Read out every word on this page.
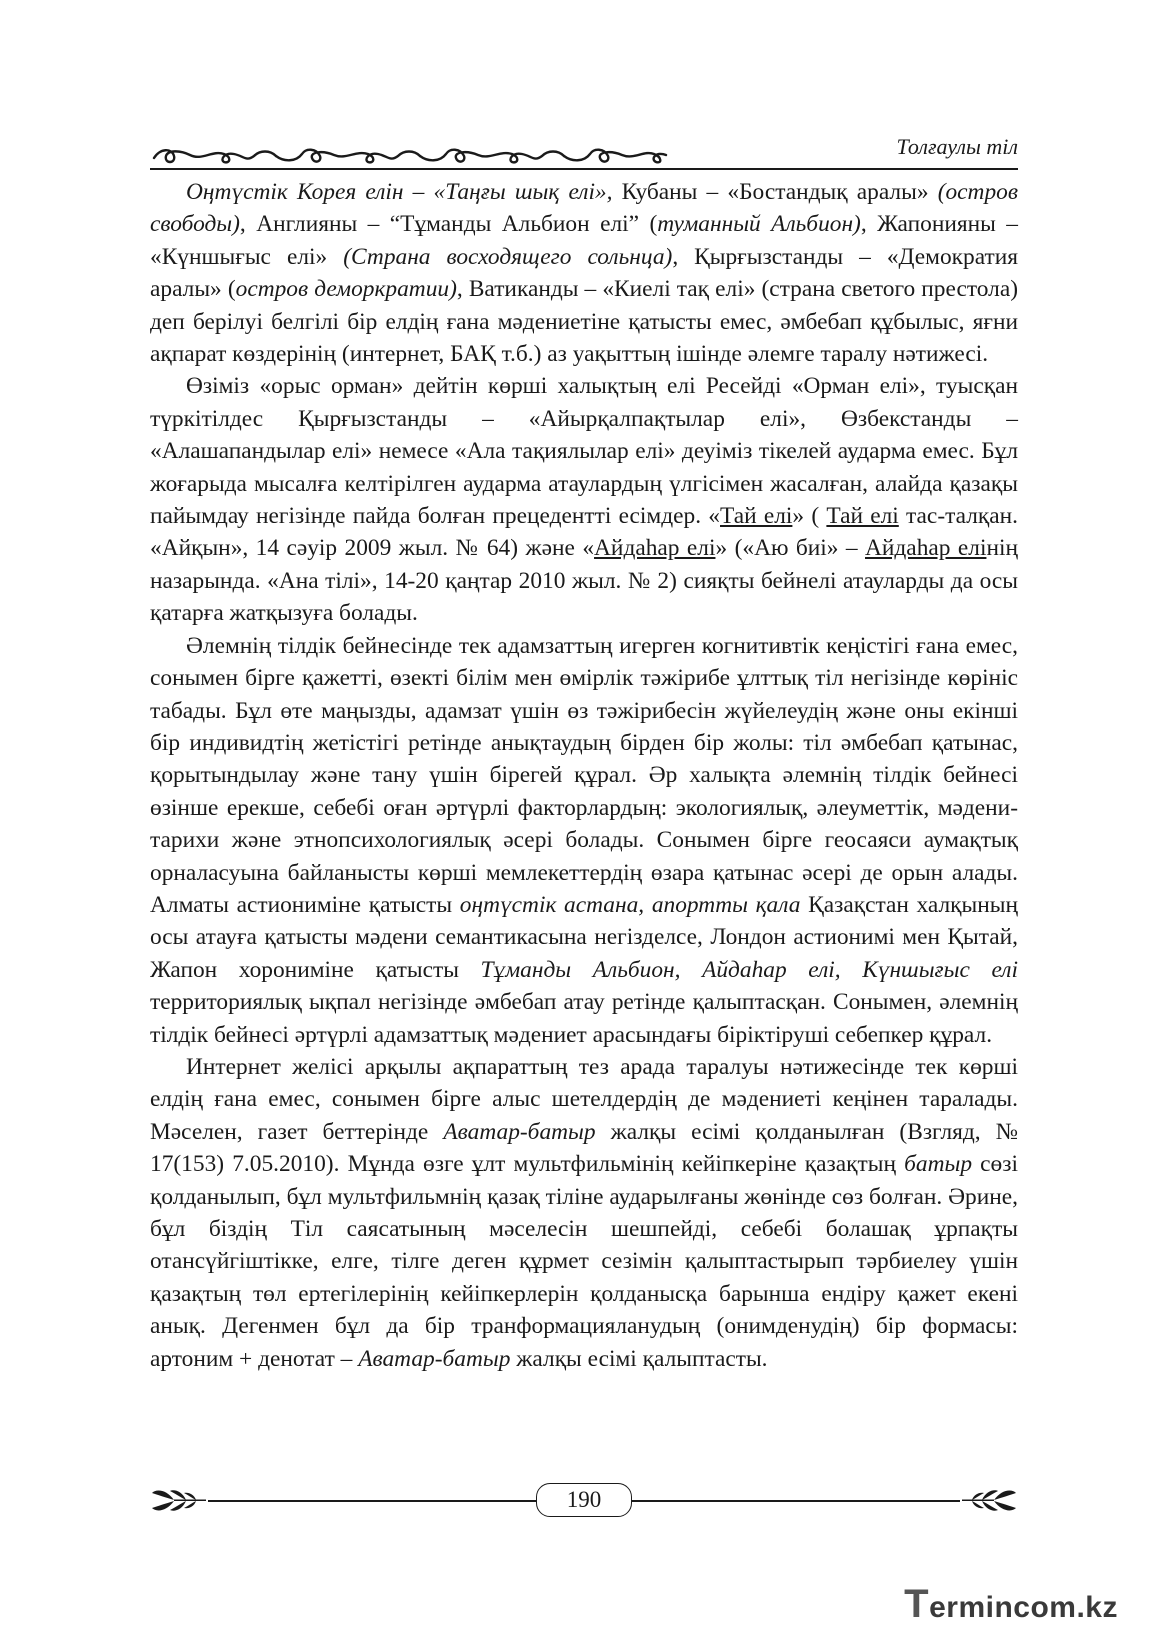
Толғаулы тіл

Оңтүстік Корея елін – «Таңғы шық елі», Кубаны – «Бостандық аралы» (остров свободы), Англияны – “Тұманды Альбион елі” (туманный Альбион), Жапонияны – «Күншығыс елі» (Страна восходящего сольнца), Қырғызстанды – «Демократия аралы» (остров деморкратии), Ватиканды – «Киелі тақ елі» (страна светого престола) деп берілуі белгілі бір елдің ғана мәдениетіне қатысты емес, әмбебап құбылыс, яғни ақпарат көздерінің (интернет, БАҚ т.б.) аз уақыттың ішінде әлемге таралу нәтижесі.

Өзіміз «орыс орман» дейтін көрші халықтың елі Ресейді «Орман елі», туысқан түркітілдес Қырғызстанды – «Айырқалпақтылар елі», Өзбекстанды – «Алашапандылар елі» немесе «Ала тақиялылар елі» деуіміз тікелей аударма емес. Бұл жоғарыда мысалға келтірілген аударма атаулардың үлгісімен жасалған, алайда қазақы пайымдау негізінде пайда болған прецедентті есімдер. «Тай елі» ( Тай елі тас-талқан. «Айқын», 14 сәуір 2009 жыл. № 64) және «Айдаһар елі» («Аю биі» – Айдаһар елінің назарында. «Ана тілі», 14-20 қаңтар 2010 жыл. № 2) сияқты бейнелі атауларды да осы қатарға жатқызуға болады.

Әлемнің тілдік бейнесінде тек адамзаттың игерген когнитивтік кеңістігі ғана емес, сонымен бірге қажетті, өзекті білім мен өмірлік тәжірибе ұлттық тіл негізінде көрініс табады. Бұл өте маңызды, адамзат үшін өз тәжірибесін жүйелеудің және оны екінші бір индивидтің жетістігі ретінде анықтаудың бірден бір жолы: тіл әмбебап қатынас, қорытындылау және тану үшін бірегей құрал. Әр халықта әлемнің тілдік бейнесі өзінше ерекше, себебі оған әртүрлі факторлардың: экологиялық, әлеуметтік, мәдени-тарихи және этнопсихологиялық әсері болады. Сонымен бірге геосаяси аумақтық орналасуына байланысты көрші мемлекеттердің өзара қатынас әсері де орын алады. Алматы астиониміне қатысты оңтүстік астана, апортты қала Қазақстан халқының осы атауға қатысты мәдени семантикасына негізделсе, Лондон астионимі мен Қытай, Жапон хоронимiне қатысты Тұманды Альбион, Айдаһар елі, Күншығыс елі территориялық ықпал негізінде әмбебап атау ретінде қалыптасқан. Сонымен, әлемнің тілдік бейнесі әртүрлі адамзаттық мәдениет арасындағы біріктіруші себепкер құрал.

Интернет желісі арқылы ақпараттың тез арада таралуы нәтижесінде тек көрші елдің ғана емес, сонымен бірге алыс шетелдердің де мәдениеті кеңінен таралады. Мәселен, газет беттерінде Аватар-батыр жалқы есімі қолданылған (Взгляд, № 17(153) 7.05.2010). Мұнда өзге ұлт мультфильмінің кейіпкеріне қазақтың батыр сөзі қолданылып, бұл мультфильмнің қазақ тіліне аударылғаны жөнінде сөз болған. Әрине, бұл біздің Тіл саясатының мәселесін шешпейді, себебі болашақ ұрпақты отансүйгіштікке, елге, тілге деген құрмет сезімін қалыптастырып тәрбиелеу үшін қазақтың төл ертегілерінің кейіпкерлерін қолданысқа барынша ендіру қажет екені анық. Дегенмен бұл да бір транформацияланудың (онимденудің) бір формасы: артоним + денотат – Аватар-батыр жалқы есімі қалыптасты.

190
Termincom.kz
